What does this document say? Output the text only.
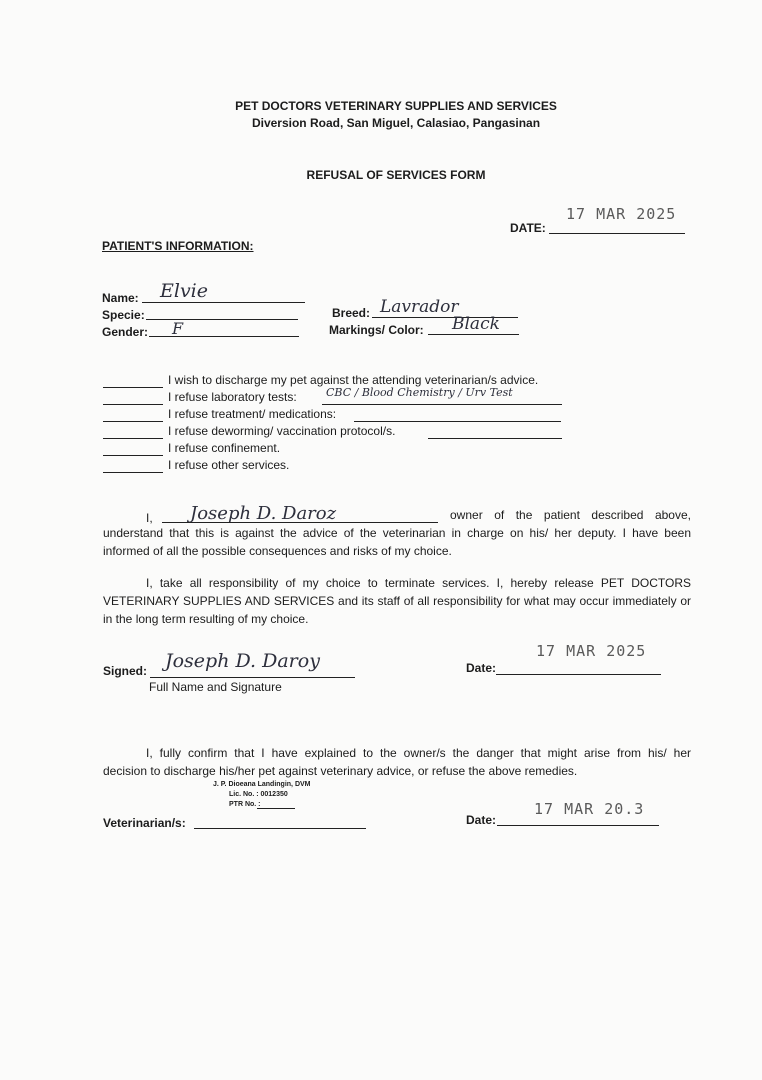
PET DOCTORS VETERINARY SUPPLIES AND SERVICES
Diversion Road, San Miguel, Calasiao, Pangasinan
REFUSAL OF SERVICES FORM
17 MAR 2025
DATE:
PATIENT'S INFORMATION:
Name: Elvie
Specie:
Gender: F
Breed: Lavrador
Markings/ Color: Black
I wish to discharge my pet against the attending veterinarian/s advice.
I refuse laboratory tests:	CBC / Blood Chemistry / Urv Test
I refuse treatment/ medications:
I refuse deworming/ vaccination protocol/s.
I refuse confinement.
I refuse other services.
I, Joseph D. Daroz	owner of the patient described above,
understand that this is against the advice of the veterinarian in charge on his/ her deputy. I have been
informed of all the possible consequences and risks of my choice.
I, take all responsibility of my choice to terminate services. I, hereby release PET DOCTORS
VETERINARY SUPPLIES AND SERVICES and its staff of all responsibility for what may occur immediately or
in the long term resulting of my choice.
Signed: Joseph D. Daroy
Full Name and Signature
17 MAR 2025
Date:
I, fully confirm that I have explained to the owner/s the danger that might arise from his/ her
decision to discharge his/her pet against veterinary advice, or refuse the above remedies.
J. P. Dioeana Landingin, DVM
Lic. No. : 0012350
PTR No. :
Veterinarian/s:
17 MAR 20.3
Date:
